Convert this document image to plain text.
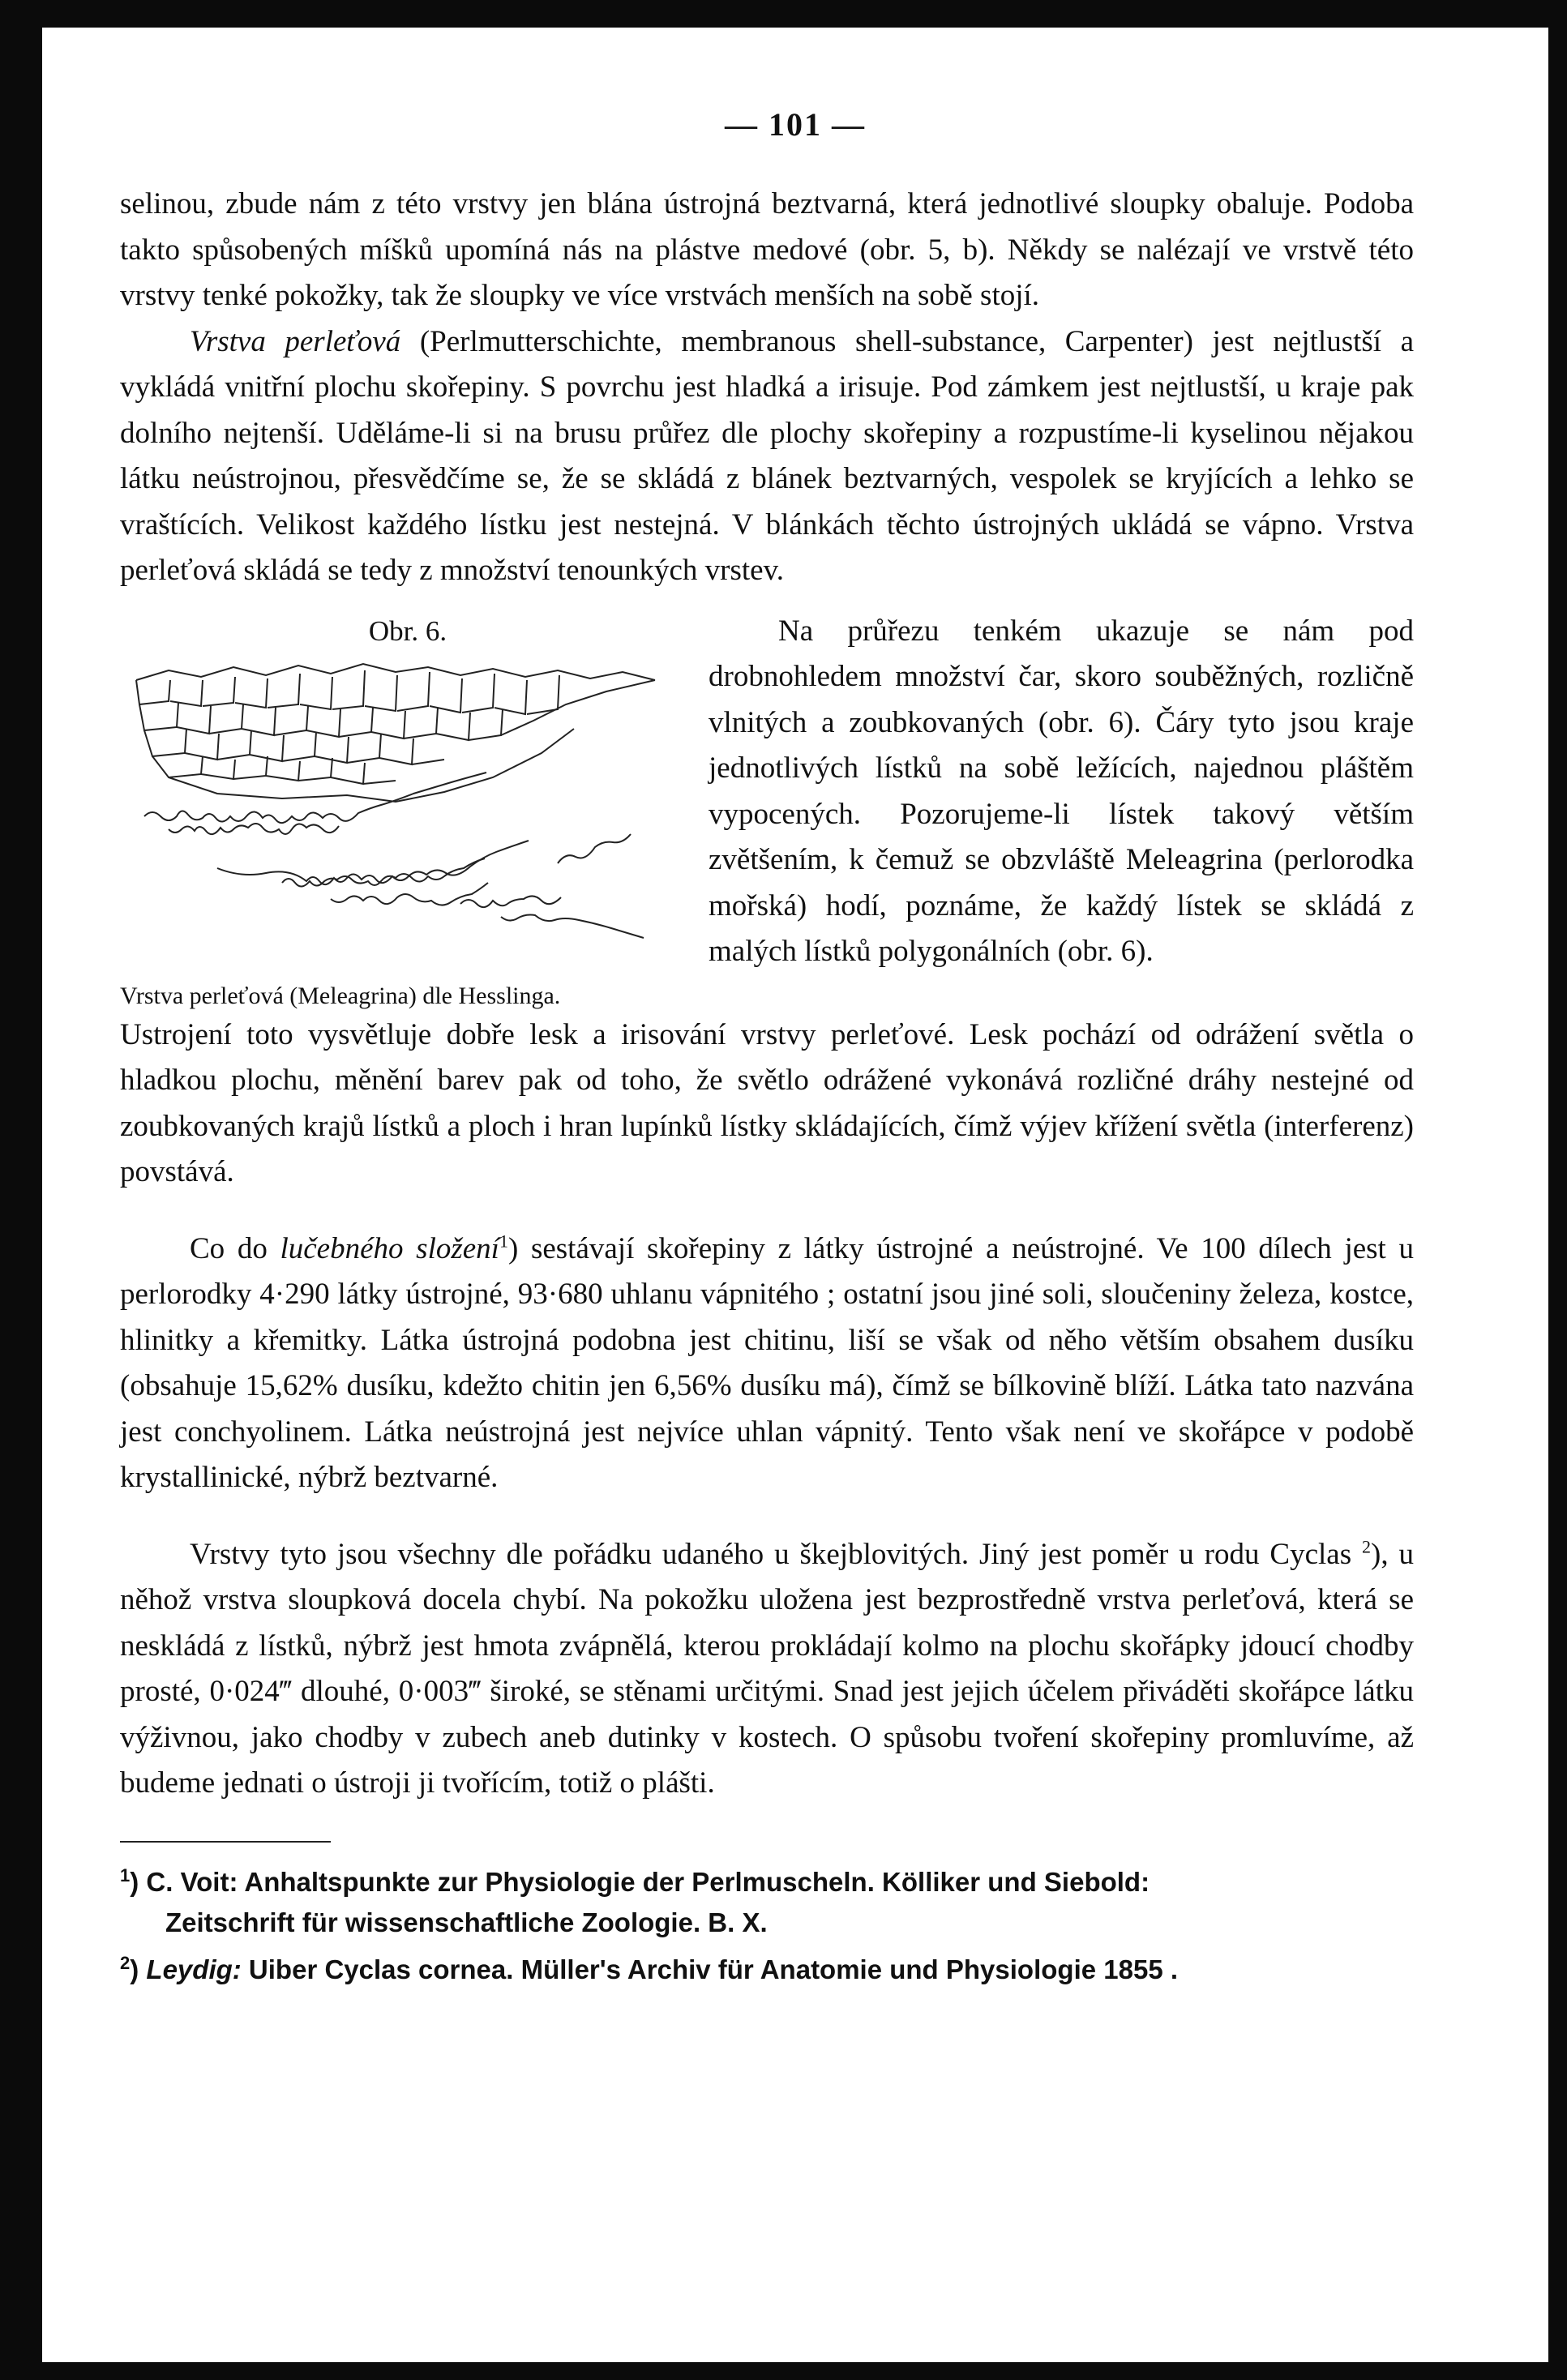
— 101 —

selinou, zbude nám z této vrstvy jen blána ústrojná beztvarná, která jednotlivé sloupky obaluje. Podoba takto spůsobených míšků upomíná nás na plástve medové (obr. 5, b). Někdy se nalézají ve vrstvě této vrstvy tenké pokožky, tak že sloupky ve více vrstvách menších na sobě stojí.

Vrstva perleťová (Perlmutterschichte, membranous shell-substance, Carpenter) jest nejtlustší a vykládá vnitřní plochu skořepiny. S povrchu jest hladká a irisuje. Pod zámkem jest nejtlustší, u kraje pak dolního nejtenší. Uděláme-li si na brusu průřez dle plochy skořepiny a rozpustíme-li kyselinou nějakou látku neústrojnou, přesvědčíme se, že se skládá z blánek beztvarných, vespolek se kryjících a lehko se vraštících. Velikost každého lístku jest nestejná. V blánkách těchto ústrojných ukládá se vápno. Vrstva perleťová skládá se tedy z množství tenounkých vrstev.

Obr. 6.
Vrstva perleťová (Meleagrina) dle Hesslinga.

Na průřezu tenkém ukazuje se nám pod drobnohledem množství čar, skoro souběžných, rozličně vlnitých a zoubkovaných (obr. 6). Čáry tyto jsou kraje jednotlivých lístků na sobě ležících, najednou pláštěm vypocených. Pozorujeme-li lístek takový větším zvětšením, k čemuž se obzvláště Meleagrina (perlorodka mořská) hodí, poznáme, že každý lístek se skládá z malých lístků polygonálních (obr. 6).

Ustrojení toto vysvětluje dobře lesk a irisování vrstvy perleťové. Lesk pochází od odrážení světla o hladkou plochu, měnění barev pak od toho, že světlo odrážené vykonává rozličné dráhy nestejné od zoubkovaných krajů lístků a ploch i hran lupínků lístky skládajících, čímž výjev křížení světla (interferenz) povstává.

Co do lučebného složení$^1$) sestávají skořepiny z látky ústrojné a neústrojné. Ve 100 dílech jest u perlorodky 4·290 látky ústrojné, 93·680 uhlanu vápnitého ; ostatní jsou jiné soli, sloučeniny železa, kostce, hlinitky a křemitky. Látka ústrojná podobna jest chitinu, liší se však od něho větším obsahem dusíku (obsahuje 15,62% dusíku, kdežto chitin jen 6,56% dusíku má), čímž se bílkovině blíží. Látka tato nazvána jest conchyolinem. Látka neústrojná jest nejvíce uhlan vápnitý. Tento však není ve skořápce v podobě krystallinické, nýbrž beztvarné.

Vrstvy tyto jsou všechny dle pořádku udaného u škejblovitých. Jiný jest poměr u rodu Cyclas $^2$), u něhož vrstva sloupková docela chybí. Na pokožku uložena jest bezprostředně vrstva perleťová, která se neskládá z lístků, nýbrž jest hmota zvápnělá, kterou prokládají kolmo na plochu skořápky jdoucí chodby prosté, 0·024‴ dlouhé, 0·003‴ široké, se stěnami určitými. Snad jest jejich účelem přiváděti skořápce látku výživnou, jako chodby v zubech aneb dutinky v kostech. O spůsobu tvoření skořepiny promluvíme, až budeme jednati o ústroji ji tvořícím, totiž o plášti.

$^1$) C. Voit: Anhaltspunkte zur Physiologie der Perlmuscheln. Kölliker und Siebold:
Zeitschrift für wissenschaftliche Zoologie. B. X.
$^2$) Leydig: Uiber Cyclas cornea. Müller's Archiv für Anatomie und Physiologie 1855 .
